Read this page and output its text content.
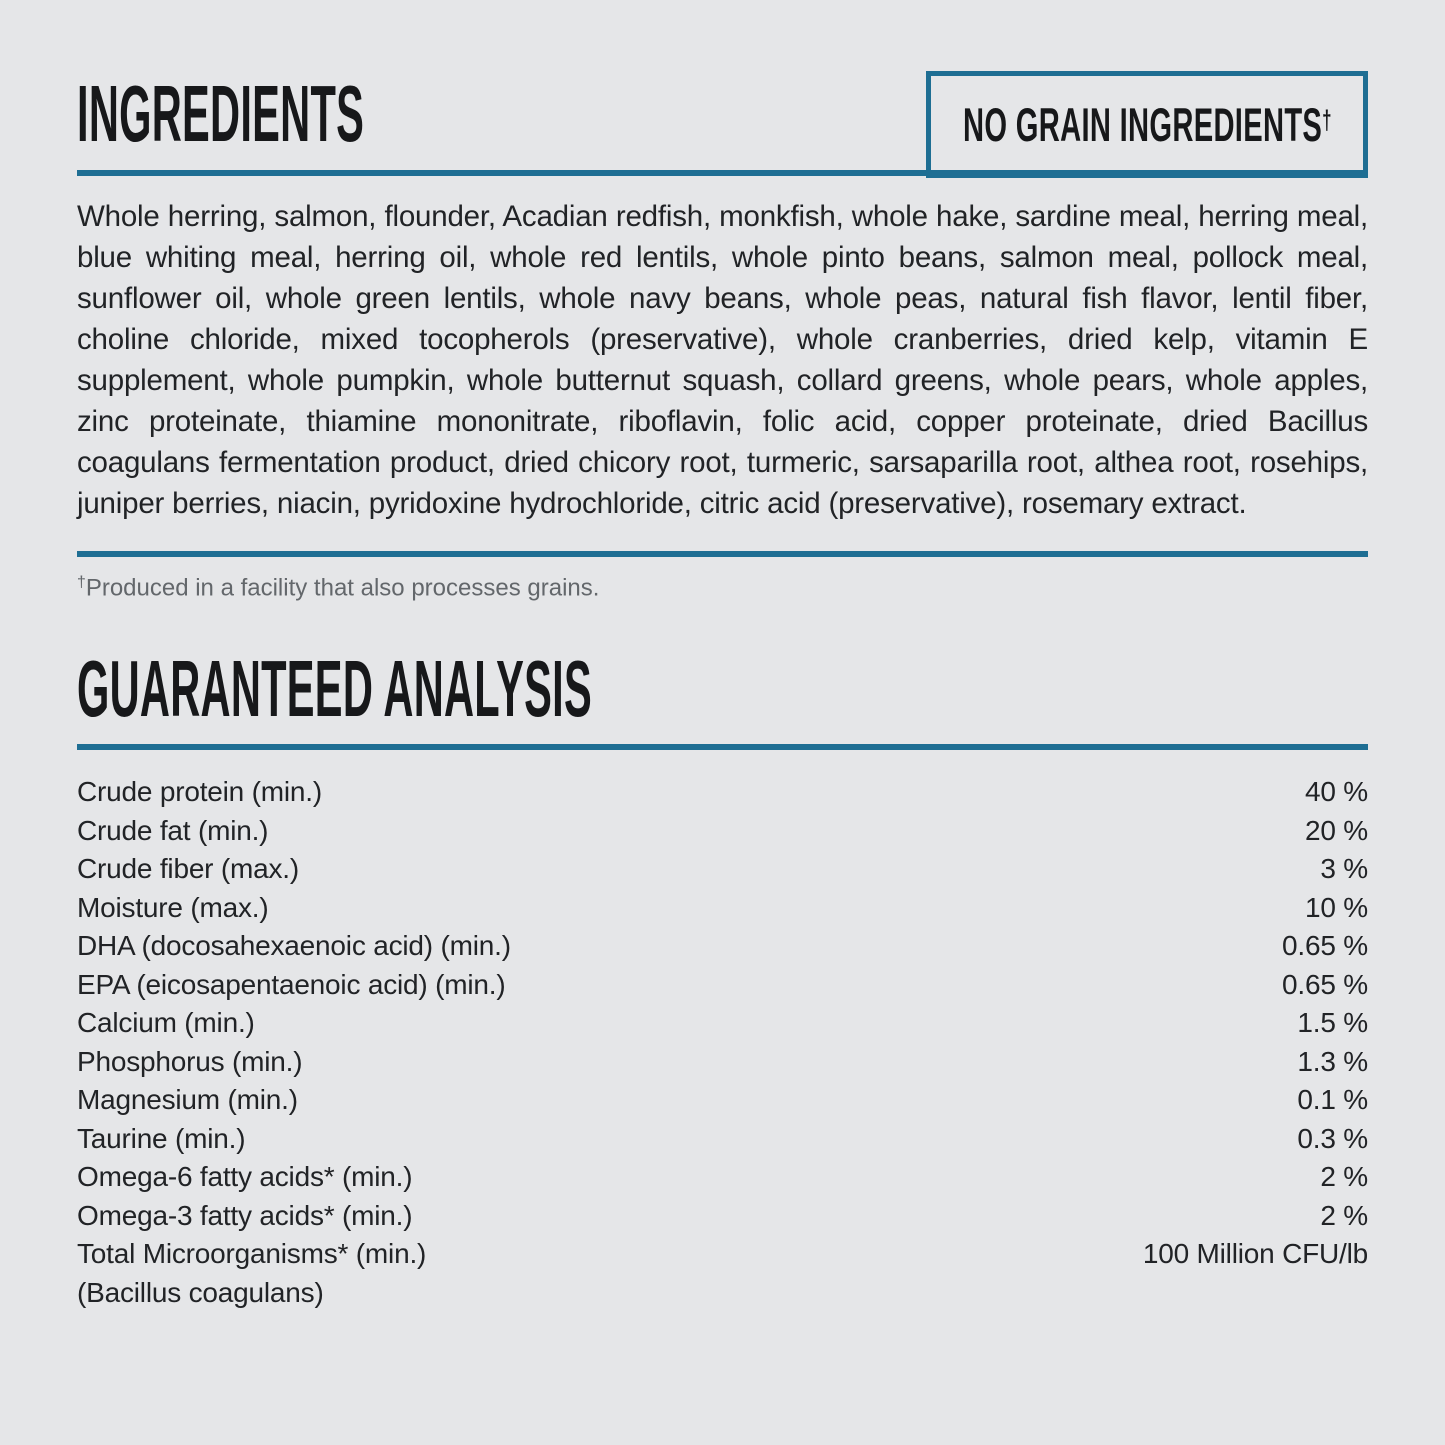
INGREDIENTS	NO GRAIN INGREDIENTS†

Whole herring, salmon, flounder, Acadian redfish, monkfish, whole hake, sardine meal, herring meal, blue whiting meal, herring oil, whole red lentils, whole pinto beans, salmon meal, pollock meal, sunflower oil, whole green lentils, whole navy beans, whole peas, natural fish flavor, lentil fiber, choline chloride, mixed tocopherols (preservative), whole cranberries, dried kelp, vitamin E supplement, whole pumpkin, whole butternut squash, collard greens, whole pears, whole apples, zinc proteinate, thiamine mononitrate, riboflavin, folic acid, copper proteinate, dried Bacillus coagulans fermentation product, dried chicory root, turmeric, sarsaparilla root, althea root, rosehips, juniper berries, niacin, pyridoxine hydrochloride, citric acid (preservative), rosemary extract.

†Produced in a facility that also processes grains.

GUARANTEED ANALYSIS
Crude protein (min.)	40 %
Crude fat (min.)	20 %
Crude fiber (max.)	3 %
Moisture (max.)	10 %
DHA (docosahexaenoic acid) (min.)	0.65 %
EPA (eicosapentaenoic acid) (min.)	0.65 %
Calcium (min.)	1.5 %
Phosphorus (min.)	1.3 %
Magnesium (min.)	0.1 %
Taurine (min.)	0.3 %
Omega-6 fatty acids* (min.)	2 %
Omega-3 fatty acids* (min.)	2 %
Total Microorganisms* (min.)	100 Million CFU/lb
(Bacillus coagulans)
